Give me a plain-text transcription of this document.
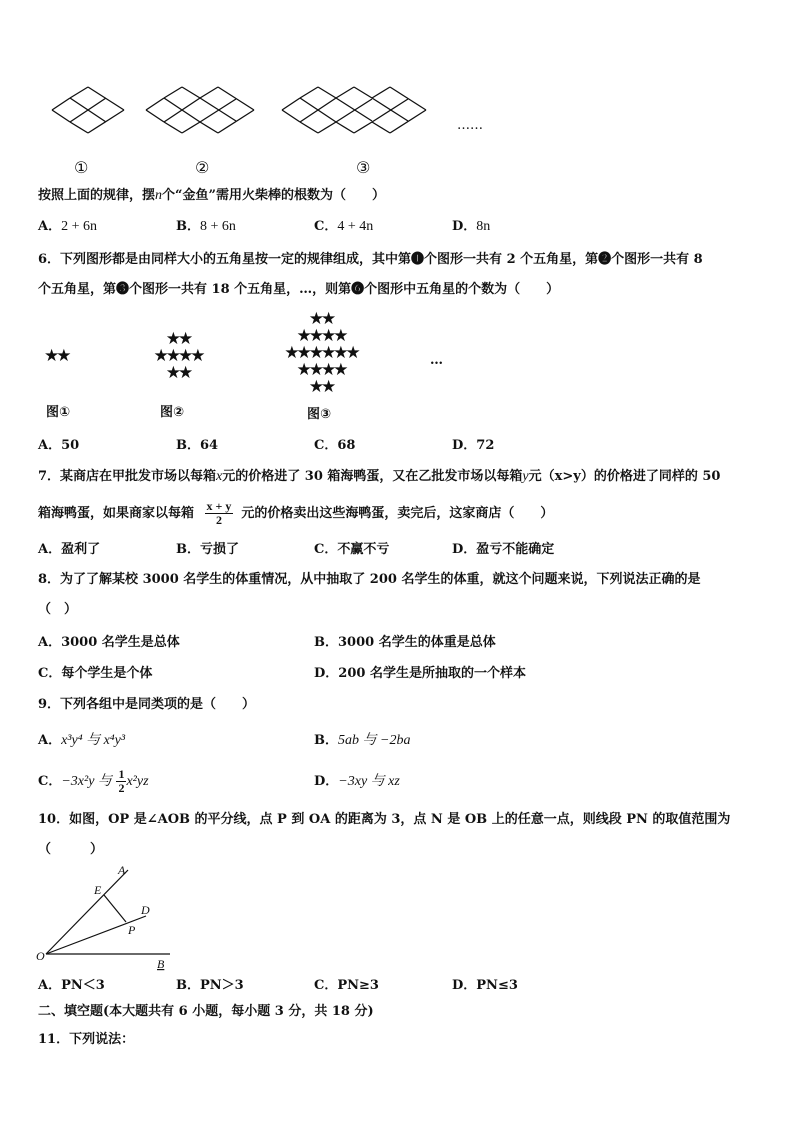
……
①	②	③
按照上面的规律，摆n个“金鱼”需用火柴棒的根数为（　　）
A．2 + 6n	B．8 + 6n	C．4 + 4n	D．8n
6．下列图形都是由同样大小的五角星按一定的规律组成，其中第❶个图形一共有 2 个五角星，第❷个图形一共有 8
个五角星，第❸个图形一共有 18 个五角星，…，则第❻个图形中五角星的个数为（　　）
★★
★★
★★★★
★★
★★
★★★★
★★★★★★
★★★★
★★
…
图①	图②	图③
A．50	B．64	C．68	D．72
7．某商店在甲批发市场以每箱x元的价格进了 30 箱海鸭蛋，又在乙批发市场以每箱y元（x>y）的价格进了同样的 50
箱海鸭蛋，如果商家以每箱 $\frac{x + y}{2}$ 元的价格卖出这些海鸭蛋，卖完后，这家商店（　　）
A．盈利了	B．亏损了	C．不赢不亏	D．盈亏不能确定
8．为了了解某校 3000 名学生的体重情况，从中抽取了 200 名学生的体重，就这个问题来说，下列说法正确的是
（　）
A．3000 名学生是总体	B．3000 名学生的体重是总体
C．每个学生是个体	D．200 名学生是所抽取的一个样本
9．下列各组中是同类项的是（　　）
A．x³y⁴ 与 x⁴y³	B．5ab 与 −2ba
C．−3x²y 与 $\frac{1}{2} x^2yz$	D．−3xy 与 xz
10．如图，OP 是∠AOB 的平分线，点 P 到 OA 的距离为 3，点 N 是 OB 上的任意一点，则线段 PN 的取值范围为
（　　　）
A
E
D
P
O
B
A．PN＜3	B．PN＞3	C．PN≥3	D．PN≤3
二、填空题(本大题共有 6 小题，每小题 3 分，共 18 分)
11．下列说法：
